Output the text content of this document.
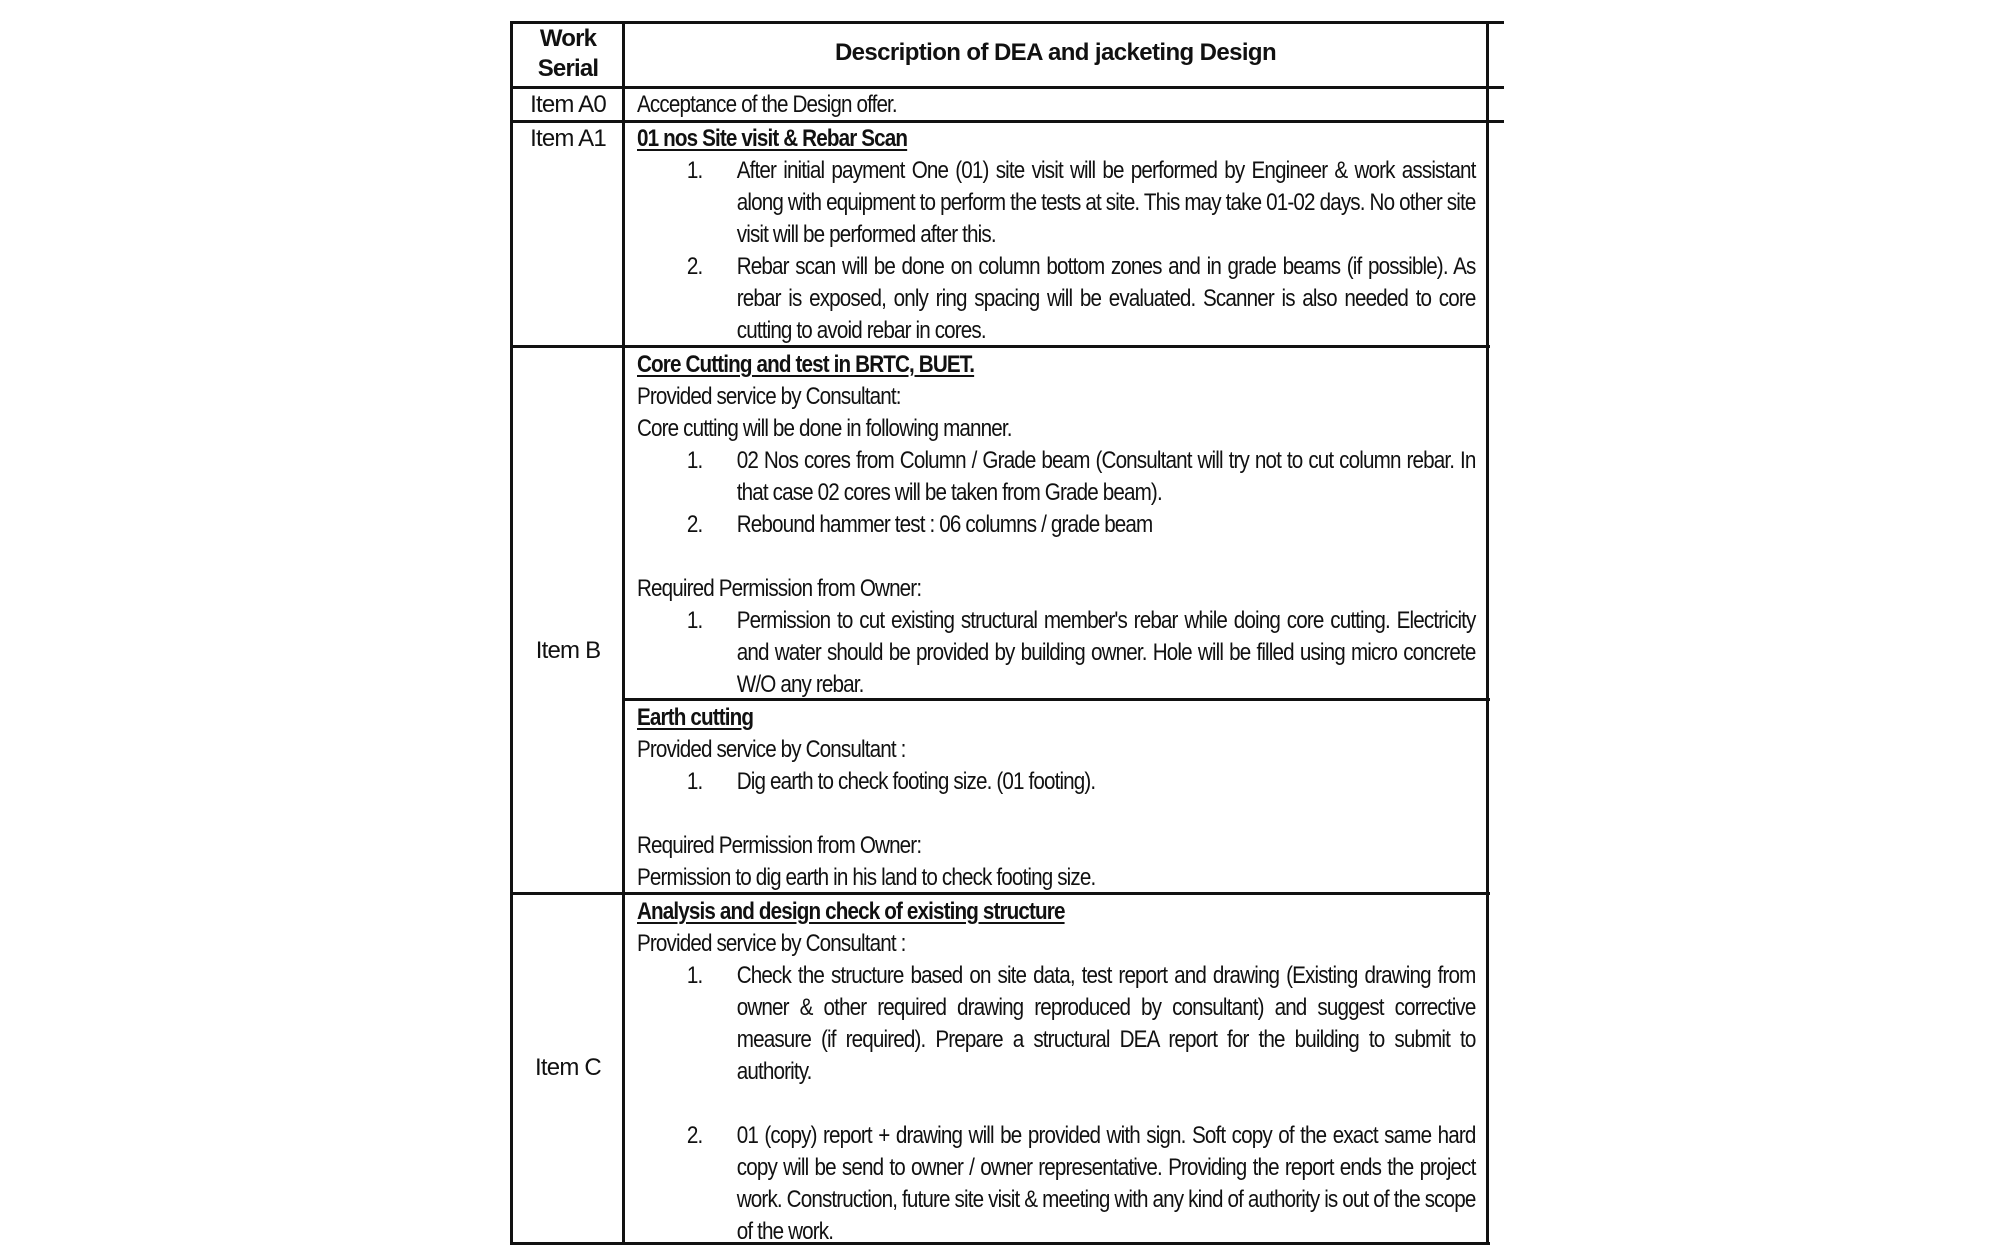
Work
Serial
Description of DEA and jacketing Design
Item A0	Acceptance of the Design offer.
Item A1	01 nos Site visit & Rebar Scan
1. After initial payment One (01) site visit will be performed by Engineer & work assistant along with equipment to perform the tests at site. This may take 01-02 days. No other site visit will be performed after this.
2. Rebar scan will be done on column bottom zones and in grade beams (if possible). As rebar is exposed, only ring spacing will be evaluated. Scanner is also needed to core cutting to avoid rebar in cores.
Item B
Core Cutting and test in BRTC, BUET.
Provided service by Consultant:
Core cutting will be done in following manner.
1. 02 Nos cores from Column / Grade beam (Consultant will try not to cut column rebar. In that case 02 cores will be taken from Grade beam).
2. Rebound hammer test : 06 columns / grade beam
Required Permission from Owner:
1. Permission to cut existing structural member's rebar while doing core cutting. Electricity and water should be provided by building owner. Hole will be filled using micro concrete W/O any rebar.
Earth cutting
Provided service by Consultant :
1. Dig earth to check footing size. (01 footing).
Required Permission from Owner:
Permission to dig earth in his land to check footing size.
Item C
Analysis and design check of existing structure
Provided service by Consultant :
1. Check the structure based on site data, test report and drawing (Existing drawing from owner & other required drawing reproduced by consultant) and suggest corrective measure (if required). Prepare a structural DEA report for the building to submit to authority.
2. 01 (copy) report + drawing will be provided with sign. Soft copy of the exact same hard copy will be send to owner / owner representative. Providing the report ends the project work. Construction, future site visit & meeting with any kind of authority is out of the scope of the work.
